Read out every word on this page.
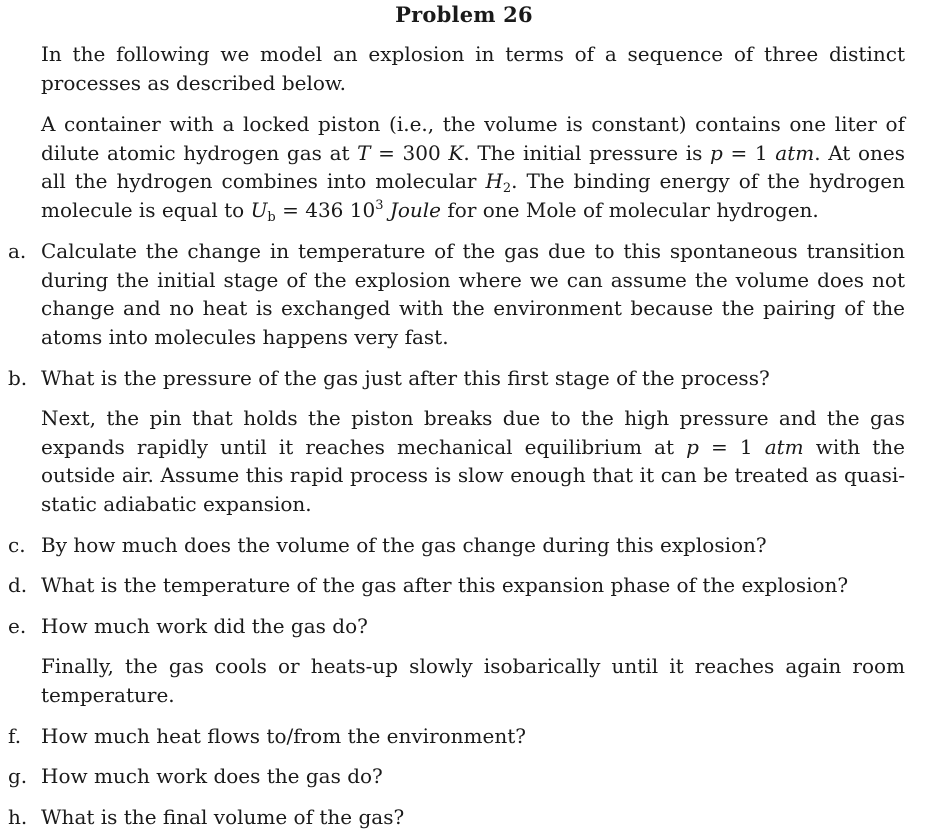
Problem 26
In the following we model an explosion in terms of a sequence of three distinct processes as described below.
A container with a locked piston (i.e., the volume is constant) contains one liter of dilute atomic hydrogen gas at T = 300 K. The initial pressure is p = 1 atm. At ones all the hydrogen combines into molecular $H_2$. The binding energy of the hydrogen molecule is equal to $U_b = 436$ $10^3$ Joule for one Mole of molecular hydrogen.
a. Calculate the change in temperature of the gas due to this spontaneous transition during the initial stage of the explosion where we can assume the volume does not change and no heat is exchanged with the environment because the pairing of the atoms into molecules happens very fast.
b. What is the pressure of the gas just after this first stage of the process?
Next, the pin that holds the piston breaks due to the high pressure and the gas expands rapidly until it reaches mechanical equilibrium at p = 1 atm with the outside air. Assume this rapid process is slow enough that it can be treated as quasi-static adiabatic expansion.
c. By how much does the volume of the gas change during this explosion?
d. What is the temperature of the gas after this expansion phase of the explosion?
e. How much work did the gas do?
Finally, the gas cools or heats-up slowly isobarically until it reaches again room temperature.
f. How much heat flows to/from the environment?
g. How much work does the gas do?
h. What is the final volume of the gas?
